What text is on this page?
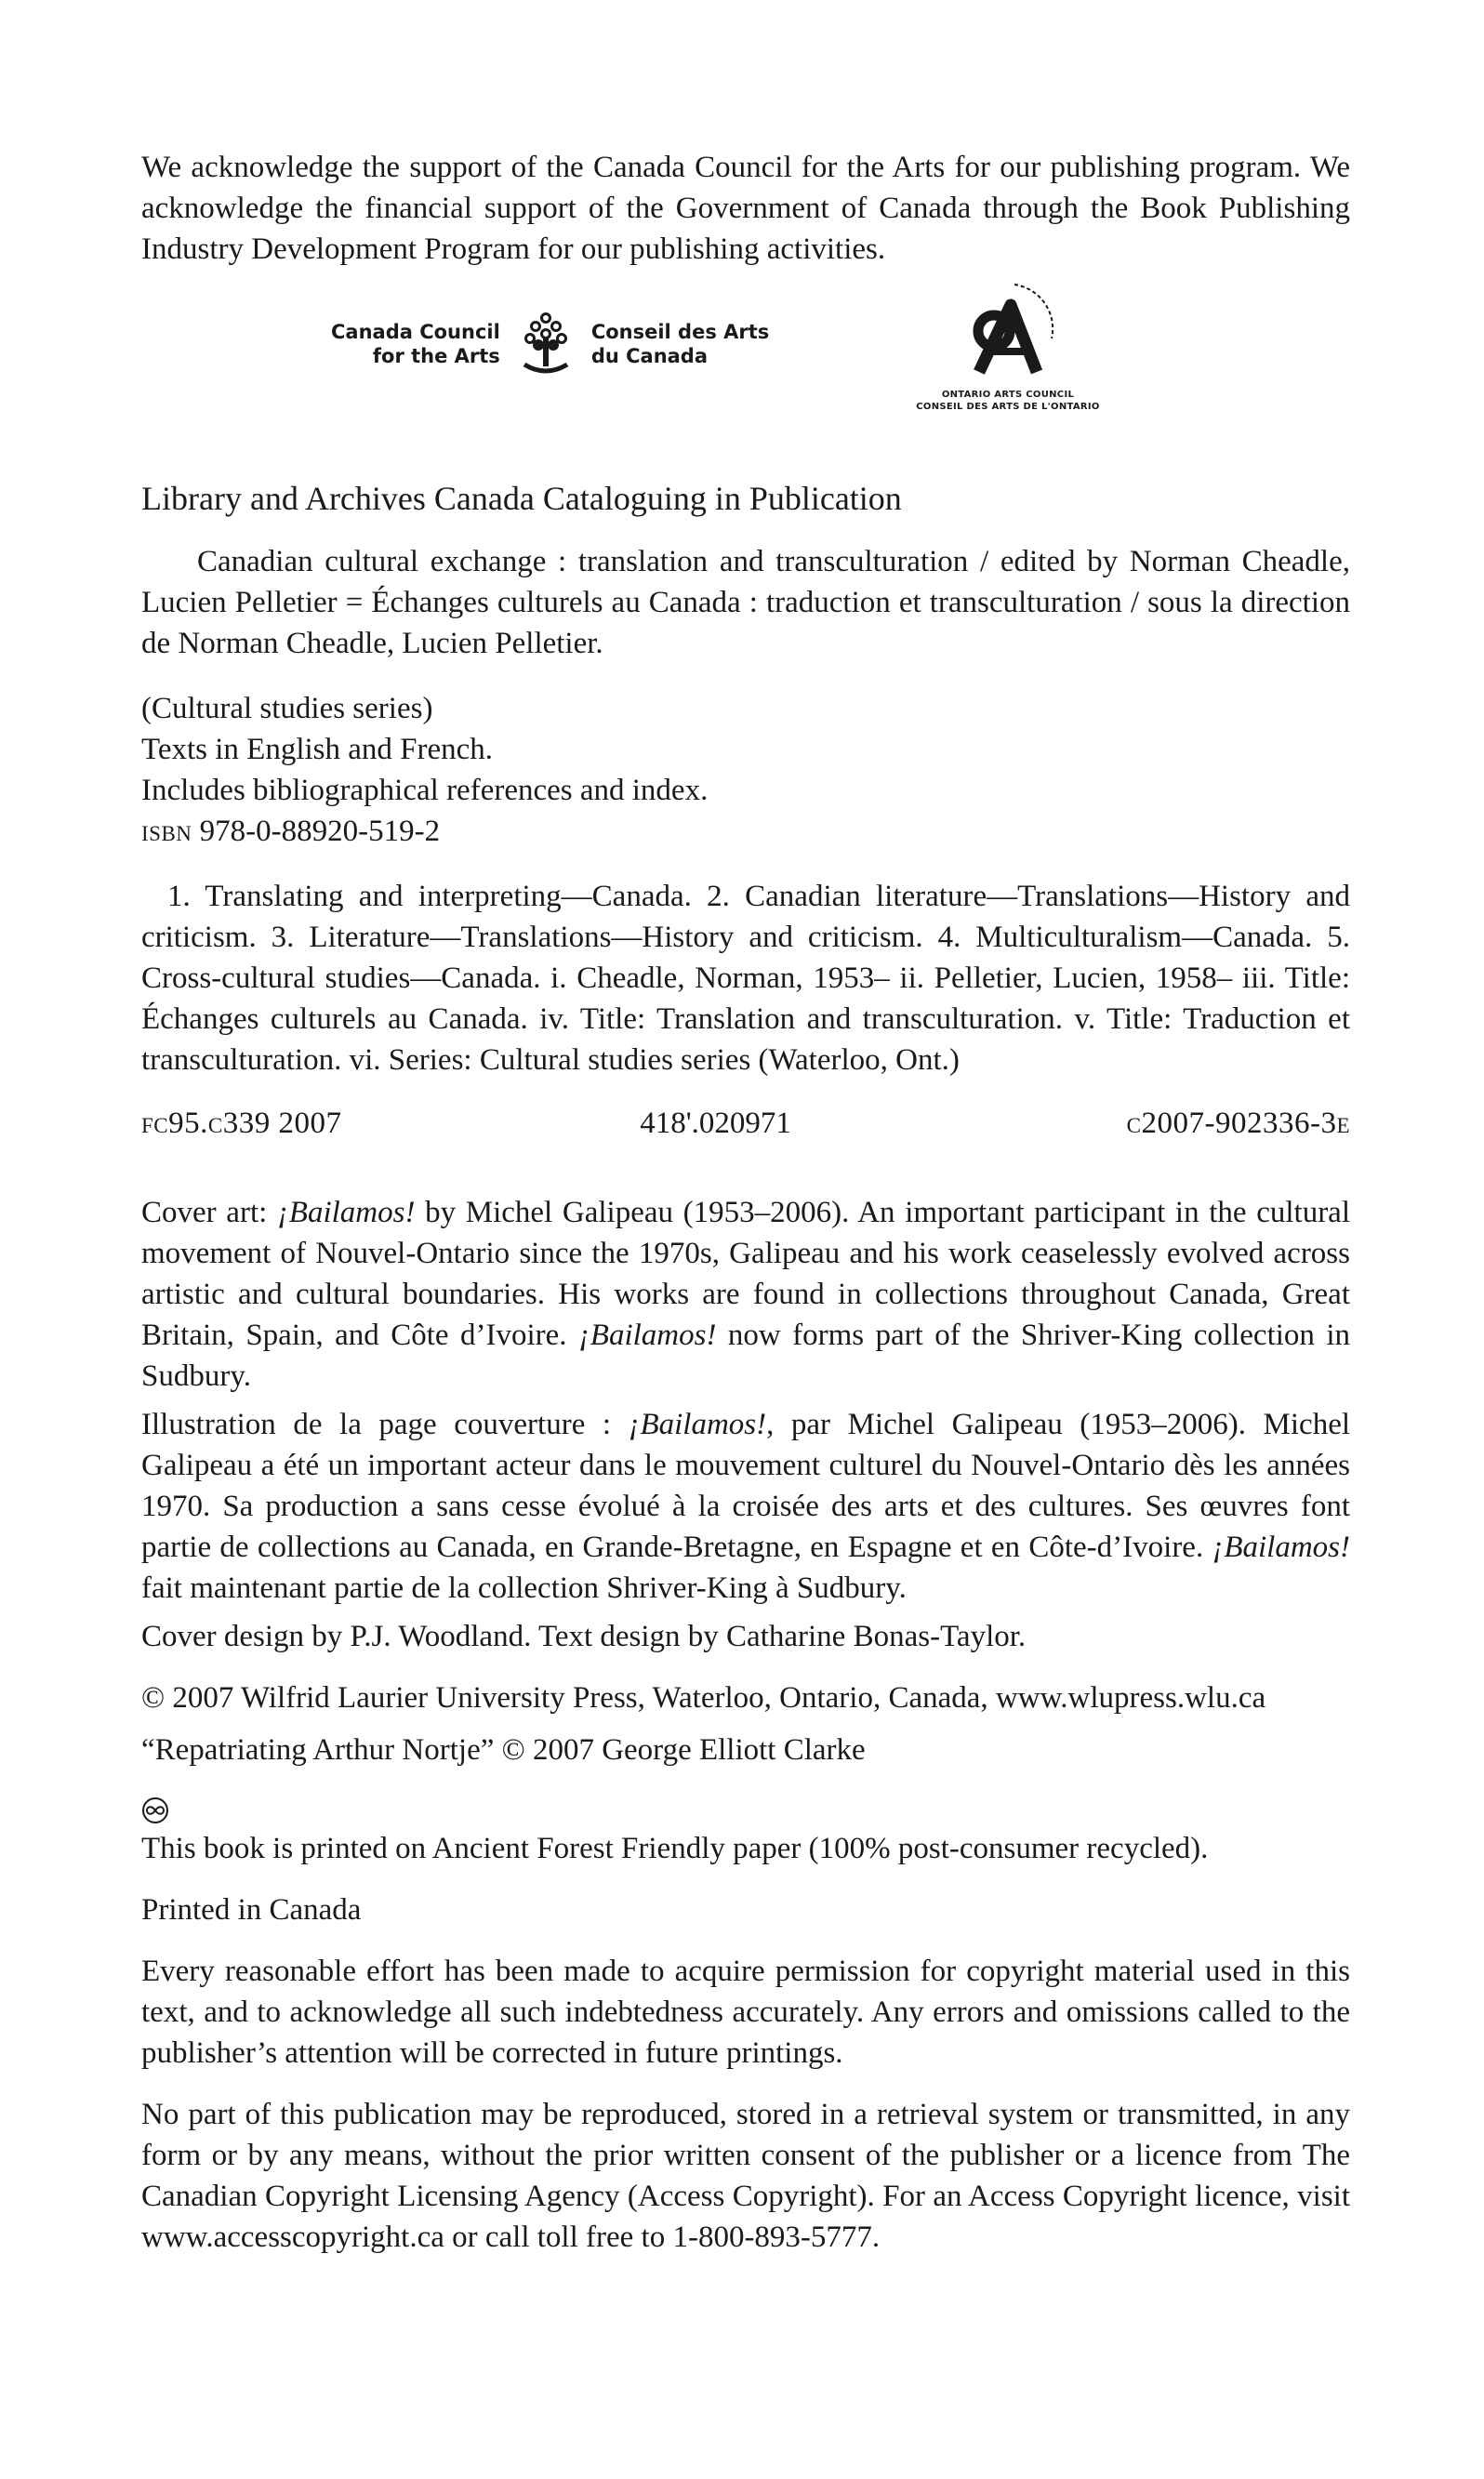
We acknowledge the support of the Canada Council for the Arts for our publishing program. We acknowledge the financial support of the Government of Canada through the Book Publishing Industry Development Program for our publishing activities.

Canada Council
for the Arts
Conseil des Arts
du Canada
ONTARIO ARTS COUNCIL
CONSEIL DES ARTS DE L'ONTARIO

Library and Archives Canada Cataloguing in Publication

Canadian cultural exchange : translation and transculturation / edited by Norman Cheadle, Lucien Pelletier = Échanges culturels au Canada : traduction et transculturation / sous la direction de Norman Cheadle, Lucien Pelletier.

(Cultural studies series)

Texts in English and French.

Includes bibliographical references and index.

isbn 978-0-88920-519-2

1. Translating and interpreting—Canada. 2. Canadian literature—Translations—History and criticism. 3. Literature—Translations—History and criticism. 4. Multiculturalism—Canada. 5. Cross-cultural studies—Canada. i. Cheadle, Norman, 1953– ii. Pelletier, Lucien, 1958– iii. Title: Échanges culturels au Canada. iv. Title: Translation and transculturation. v. Title: Traduction et transculturation. vi. Series: Cultural studies series (Waterloo, Ont.)

fc95.c339 2007	418'.020971	c2007-902336-3e

Cover art: ¡Bailamos! by Michel Galipeau (1953–2006). An important participant in the cultural movement of Nouvel-Ontario since the 1970s, Galipeau and his work ceaselessly evolved across artistic and cultural boundaries. His works are found in collections throughout Canada, Great Britain, Spain, and Côte d’Ivoire. ¡Bailamos! now forms part of the Shriver-King collection in Sudbury.

Illustration de la page couverture : ¡Bailamos!, par Michel Galipeau (1953–2006). Michel Galipeau a été un important acteur dans le mouvement culturel du Nouvel-Ontario dès les années 1970. Sa production a sans cesse évolué à la croisée des arts et des cultures. Ses œuvres font partie de collections au Canada, en Grande-Bretagne, en Espagne et en Côte-d’Ivoire. ¡Bailamos! fait maintenant partie de la collection Shriver-King à Sudbury.

Cover design by P.J. Woodland. Text design by Catharine Bonas-Taylor.

© 2007 Wilfrid Laurier University Press, Waterloo, Ontario, Canada, www.wlupress.wlu.ca

“Repatriating Arthur Nortje” © 2007 George Elliott Clarke

This book is printed on Ancient Forest Friendly paper (100% post-consumer recycled).

Printed in Canada

Every reasonable effort has been made to acquire permission for copyright material used in this text, and to acknowledge all such indebtedness accurately. Any errors and omissions called to the publisher’s attention will be corrected in future printings.

No part of this publication may be reproduced, stored in a retrieval system or transmitted, in any form or by any means, without the prior written consent of the publisher or a licence from The Canadian Copyright Licensing Agency (Access Copyright). For an Access Copyright licence, visit www.accesscopyright.ca or call toll free to 1-800-893-5777.
